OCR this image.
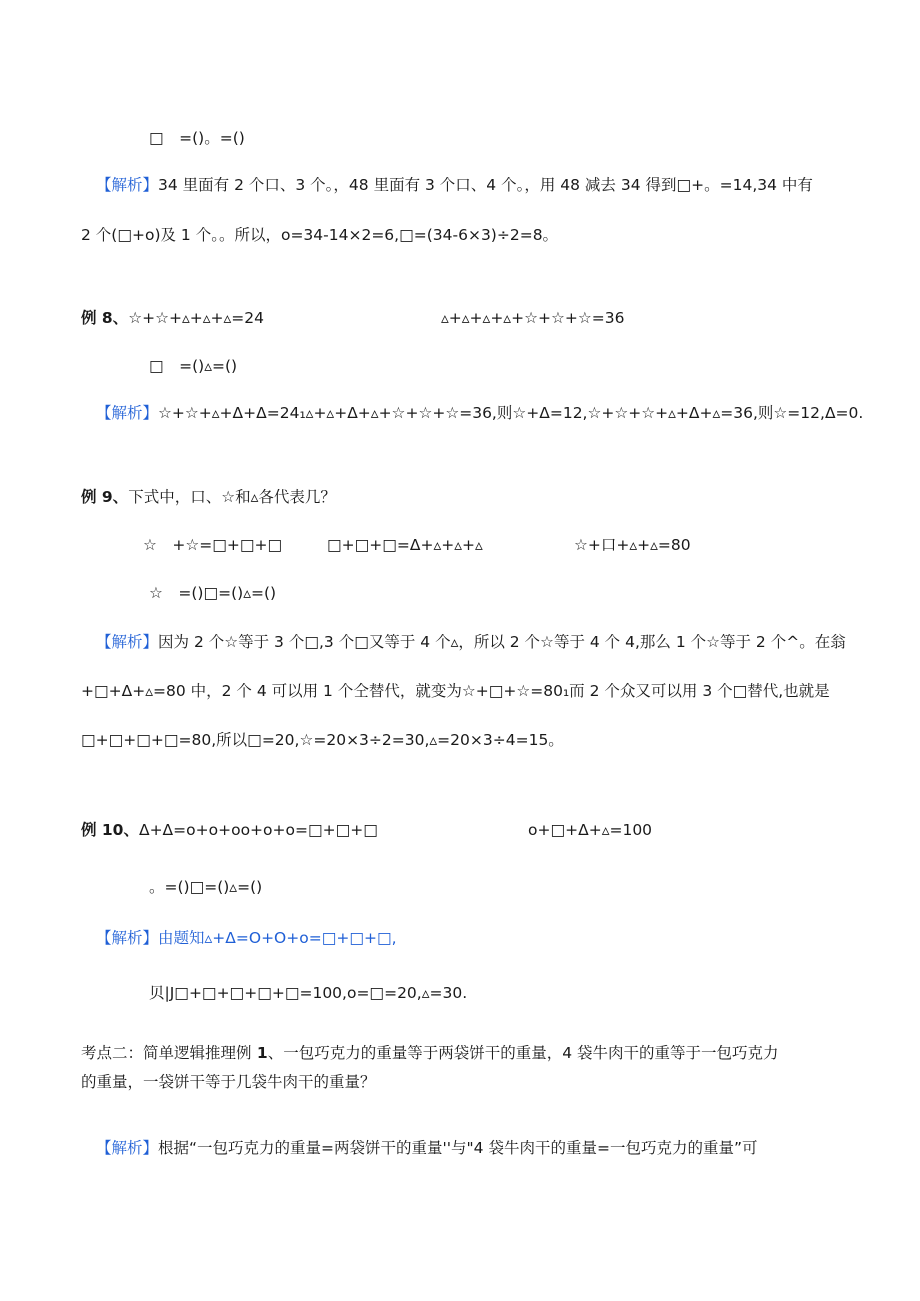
□　=()。=()
【解析】34 里面有 2 个口、3 个。，48 里面有 3 个口、4 个。，用 48 减去 34 得到□+。=14,34 中有
2 个(□+o)及 1 个。。所以，o=34-14×2=6,□=(34-6×3)÷2=8。
例 8、☆+☆+▵+▵+▵=24	▵+▵+▵+▵+☆+☆+☆=36
□　=()▵=()
【解析】☆+☆+▵+Δ+Δ=24₁▵+▵+Δ+▵+☆+☆+☆=36,则☆+Δ=12,☆+☆+☆+▵+Δ+▵=36,则☆=12,Δ=0.
例 9、下式中，口、☆和▵各代表几？
☆　+☆=□+□+□	□+□+□=Δ+▵+▵+▵	☆+口+▵+▵=80
☆　=()□=()▵=()
【解析】因为 2 个☆等于 3 个□,3 个□又等于 4 个▵，所以 2 个☆等于 4 个 4,那么 1 个☆等于 2 个^。在翁
+□+Δ+▵=80 中，2 个 4 可以用 1 个仝替代，就变为☆+□+☆=80₁而 2 个众又可以用 3 个□替代,也就是
□+□+□+□=80,所以□=20,☆=20×3÷2=30,▵=20×3÷4=15。
例 10、Δ+Δ=o+o+oo+o+o=□+□+□	o+□+Δ+▵=100
。=()□=()▵=()
【解析】由题知▵+Δ=O+O+o=□+□+□,
贝|J□+□+□+□+□=100,o=□=20,▵=30.
考点二：简单逻辑推理例 1、一包巧克力的重量等于两袋饼干的重量，4 袋牛肉干的重等于一包巧克力
的重量，一袋饼干等于几袋牛肉干的重量？
【解析】根据“一包巧克力的重量=两袋饼干的重量''与"4 袋牛肉干的重量=一包巧克力的重量”可
